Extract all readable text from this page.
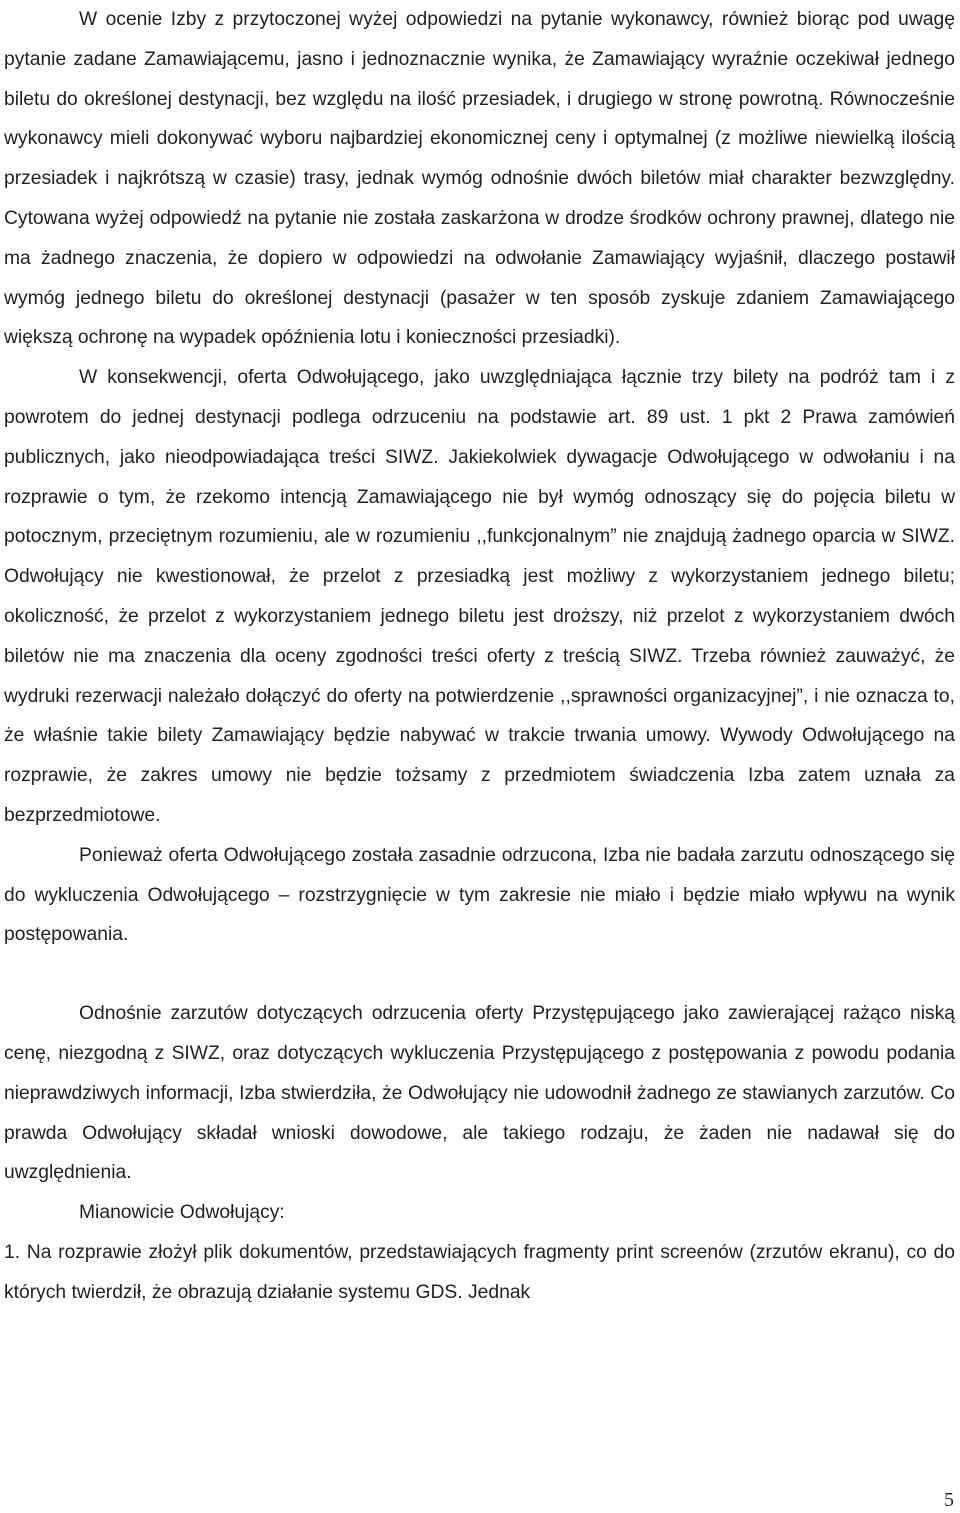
W ocenie Izby z przytoczonej wyżej odpowiedzi na pytanie wykonawcy, również biorąc pod uwagę pytanie zadane Zamawiającemu, jasno i jednoznacznie wynika, że Zamawiający wyraźnie oczekiwał jednego biletu do określonej destynacji, bez względu na ilość przesiadek, i drugiego w stronę powrotną. Równocześnie wykonawcy mieli dokonywać wyboru najbardziej ekonomicznej ceny i optymalnej (z możliwe niewielką ilością przesiadek i najkrótszą w czasie) trasy, jednak wymóg odnośnie dwóch biletów miał charakter bezwzględny. Cytowana wyżej odpowiedź na pytanie nie została zaskarżona w drodze środków ochrony prawnej, dlatego nie ma żadnego znaczenia, że dopiero w odpowiedzi na odwołanie Zamawiający wyjaśnił, dlaczego postawił wymóg jednego biletu do określonej destynacji (pasażer w ten sposób zyskuje zdaniem Zamawiającego większą ochronę na wypadek opóźnienia lotu i konieczności przesiadki).

W konsekwencji, oferta Odwołującego, jako uwzględniająca łącznie trzy bilety na podróż tam i z powrotem do jednej destynacji podlega odrzuceniu na podstawie art. 89 ust. 1 pkt 2 Prawa zamówień publicznych, jako nieodpowiadająca treści SIWZ. Jakiekolwiek dywagacje Odwołującego w odwołaniu i na rozprawie o tym, że rzekomo intencją Zamawiającego nie był wymóg odnoszący się do pojęcia biletu w potocznym, przeciętnym rozumieniu, ale w rozumieniu ,,funkcjonalnym” nie znajdują żadnego oparcia w SIWZ. Odwołujący nie kwestionował, że przelot z przesiadką jest możliwy z wykorzystaniem jednego biletu; okoliczność, że przelot z wykorzystaniem jednego biletu jest droższy, niż przelot z wykorzystaniem dwóch biletów nie ma znaczenia dla oceny zgodności treści oferty z treścią SIWZ. Trzeba również zauważyć, że wydruki rezerwacji należało dołączyć do oferty na potwierdzenie ,,sprawności organizacyjnej”, i nie oznacza to, że właśnie takie bilety Zamawiający będzie nabywać w trakcie trwania umowy. Wywody Odwołującego na rozprawie, że zakres umowy nie będzie tożsamy z przedmiotem świadczenia Izba zatem uznała za bezprzedmiotowe.

Ponieważ oferta Odwołującego została zasadnie odrzucona, Izba nie badała zarzutu odnoszącego się do wykluczenia Odwołującego – rozstrzygnięcie w tym zakresie nie miało i będzie miało wpływu na wynik postępowania.

Odnośnie zarzutów dotyczących odrzucenia oferty Przystępującego jako zawierającej rażąco niską cenę, niezgodną z SIWZ, oraz dotyczących wykluczenia Przystępującego z postępowania z powodu podania nieprawdziwych informacji, Izba stwierdziła, że Odwołujący nie udowodnił żadnego ze stawianych zarzutów. Co prawda Odwołujący składał wnioski dowodowe, ale takiego rodzaju, że żaden nie nadawał się do uwzględnienia.

Mianowicie Odwołujący:

1. Na rozprawie złożył plik dokumentów, przedstawiających fragmenty print screenów (zrzutów ekranu), co do których twierdził, że obrazują działanie systemu GDS. Jednak

5
